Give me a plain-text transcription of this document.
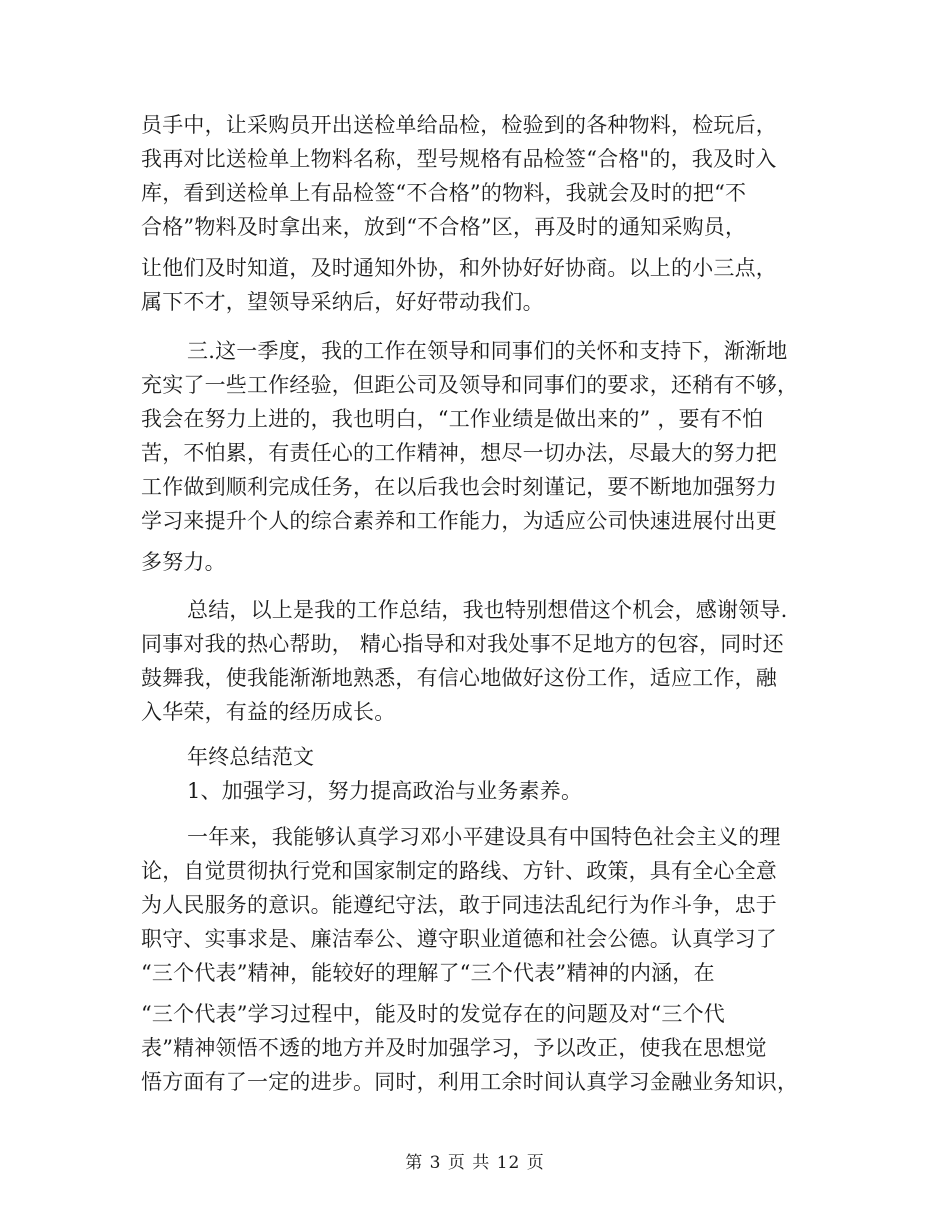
员手中，让采购员开出送检单给品检，检验到的各种物料，检玩后，
我再对比送检单上物料名称，型号规格有品检签“合格"的，我及时入
库，看到送检单上有品检签“不合格”的物料，我就会及时的把“不
合格”物料及时拿出来，放到“不合格”区，再及时的通知采购员，
让他们及时知道，及时通知外协，和外协好好协商。以上的小三点，
属下不才，望领导采纳后，好好带动我们。
三.这一季度，我的工作在领导和同事们的关怀和支持下，渐渐地
充实了一些工作经验，但距公司及领导和同事们的要求，还稍有不够，
我会在努力上进的，我也明白，“工作业绩是做出来的” ，要有不怕
苦，不怕累，有责任心的工作精神，想尽一切办法，尽最大的努力把
工作做到顺利完成任务，在以后我也会时刻谨记，要不断地加强努力
学习来提升个人的综合素养和工作能力，为适应公司快速进展付出更
多努力。
总结，以上是我的工作总结，我也特别想借这个机会，感谢领导.
同事对我的热心帮助， 精心指导和对我处事不足地方的包容，同时还
鼓舞我，使我能渐渐地熟悉，有信心地做好这份工作，适应工作，融
入华荣，有益的经历成长。
年终总结范文
1、加强学习，努力提高政治与业务素养。
一年来，我能够认真学习邓小平建设具有中国特色社会主义的理
论，自觉贯彻执行党和国家制定的路线、方针、政策，具有全心全意
为人民服务的意识。能遵纪守法，敢于同违法乱纪行为作斗争，忠于
职守、实事求是、廉洁奉公、遵守职业道德和社会公德。认真学习了
“三个代表”精神，能较好的理解了“三个代表”精神的内涵，在
“三个代表”学习过程中，能及时的发觉存在的问题及对“三个代
表”精神领悟不透的地方并及时加强学习，予以改正，使我在思想觉
悟方面有了一定的进步。同时，利用工余时间认真学习金融业务知识，
第 3 页 共 12 页
